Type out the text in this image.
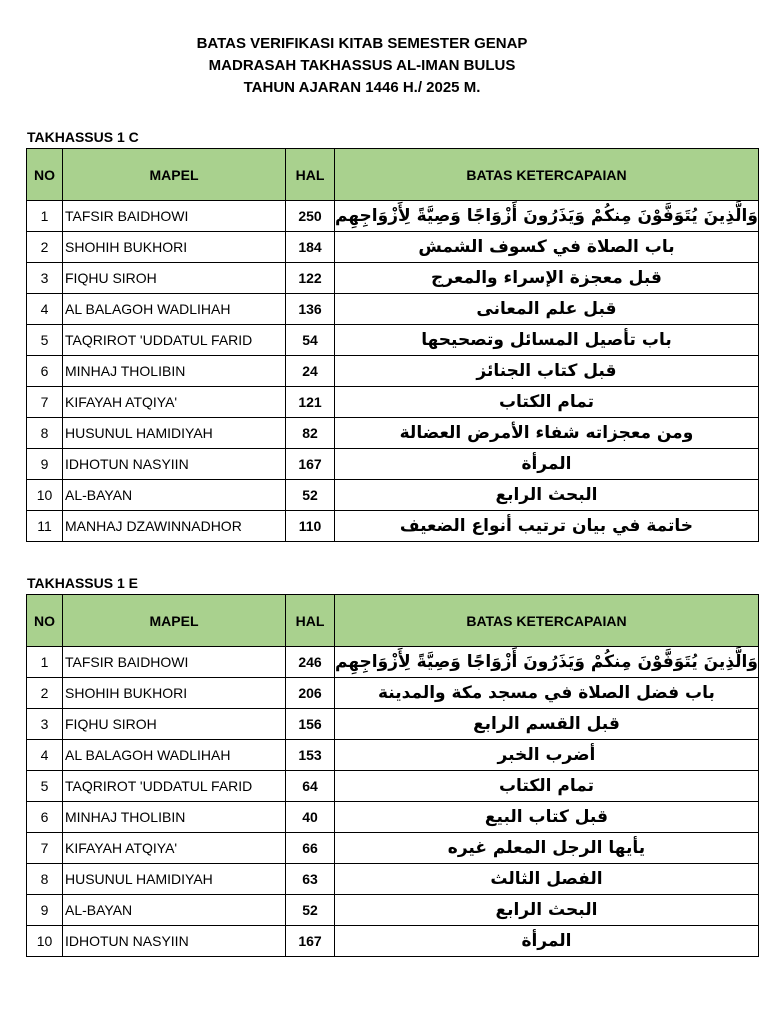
BATAS VERIFIKASI KITAB SEMESTER GENAP
MADRASAH TAKHASSUS AL-IMAN BULUS
TAHUN AJARAN 1446 H./ 2025 M.
TAKHASSUS 1 C
NO	MAPEL	HAL	BATAS KETERCAPAIAN
1	TAFSIR BAIDHOWI	250	وَالَّذِينَ يُتَوَفَّوْنَ مِنكُمْ وَيَذَرُونَ أَزْوَاجًا وَصِيَّةً لِأَزْوَاجِهِم
2	SHOHIH BUKHORI	184	باب الصلاة في كسوف الشمش
3	FIQHU SIROH	122	قبل معجزة الإسراء والمعرج
4	AL BALAGOH WADLIHAH	136	قبل علم المعانى
5	TAQRIROT 'UDDATUL FARID	54	باب تأصيل المسائل وتصحيحها
6	MINHAJ THOLIBIN	24	قبل كتاب الجنائز
7	KIFAYAH ATQIYA'	121	تمام الكتاب
8	HUSUNUL HAMIDIYAH	82	ومن معجزاته شفاء الأمرض العضالة
9	IDHOTUN NASYIIN	167	المرأة
10	AL-BAYAN	52	البحث الرابع
11	MANHAJ DZAWINNADHOR	110	خاتمة في بيان ترتيب أنواع الضعيف
TAKHASSUS 1 E
NO	MAPEL	HAL	BATAS KETERCAPAIAN
1	TAFSIR BAIDHOWI	246	وَالَّذِينَ يُتَوَفَّوْنَ مِنكُمْ وَيَذَرُونَ أَزْوَاجًا وَصِيَّةً لِأَزْوَاجِهِم
2	SHOHIH BUKHORI	206	باب فضل الصلاة في مسجد مكة والمدينة
3	FIQHU SIROH	156	قبل القسم الرابع
4	AL BALAGOH WADLIHAH	153	أضرب الخبر
5	TAQRIROT 'UDDATUL FARID	64	تمام الكتاب
6	MINHAJ THOLIBIN	40	قبل كتاب البيع
7	KIFAYAH ATQIYA'	66	يأيها الرجل المعلم غيره
8	HUSUNUL HAMIDIYAH	63	الفصل الثالث
9	AL-BAYAN	52	البحث الرابع
10	IDHOTUN NASYIIN	167	المرأة
